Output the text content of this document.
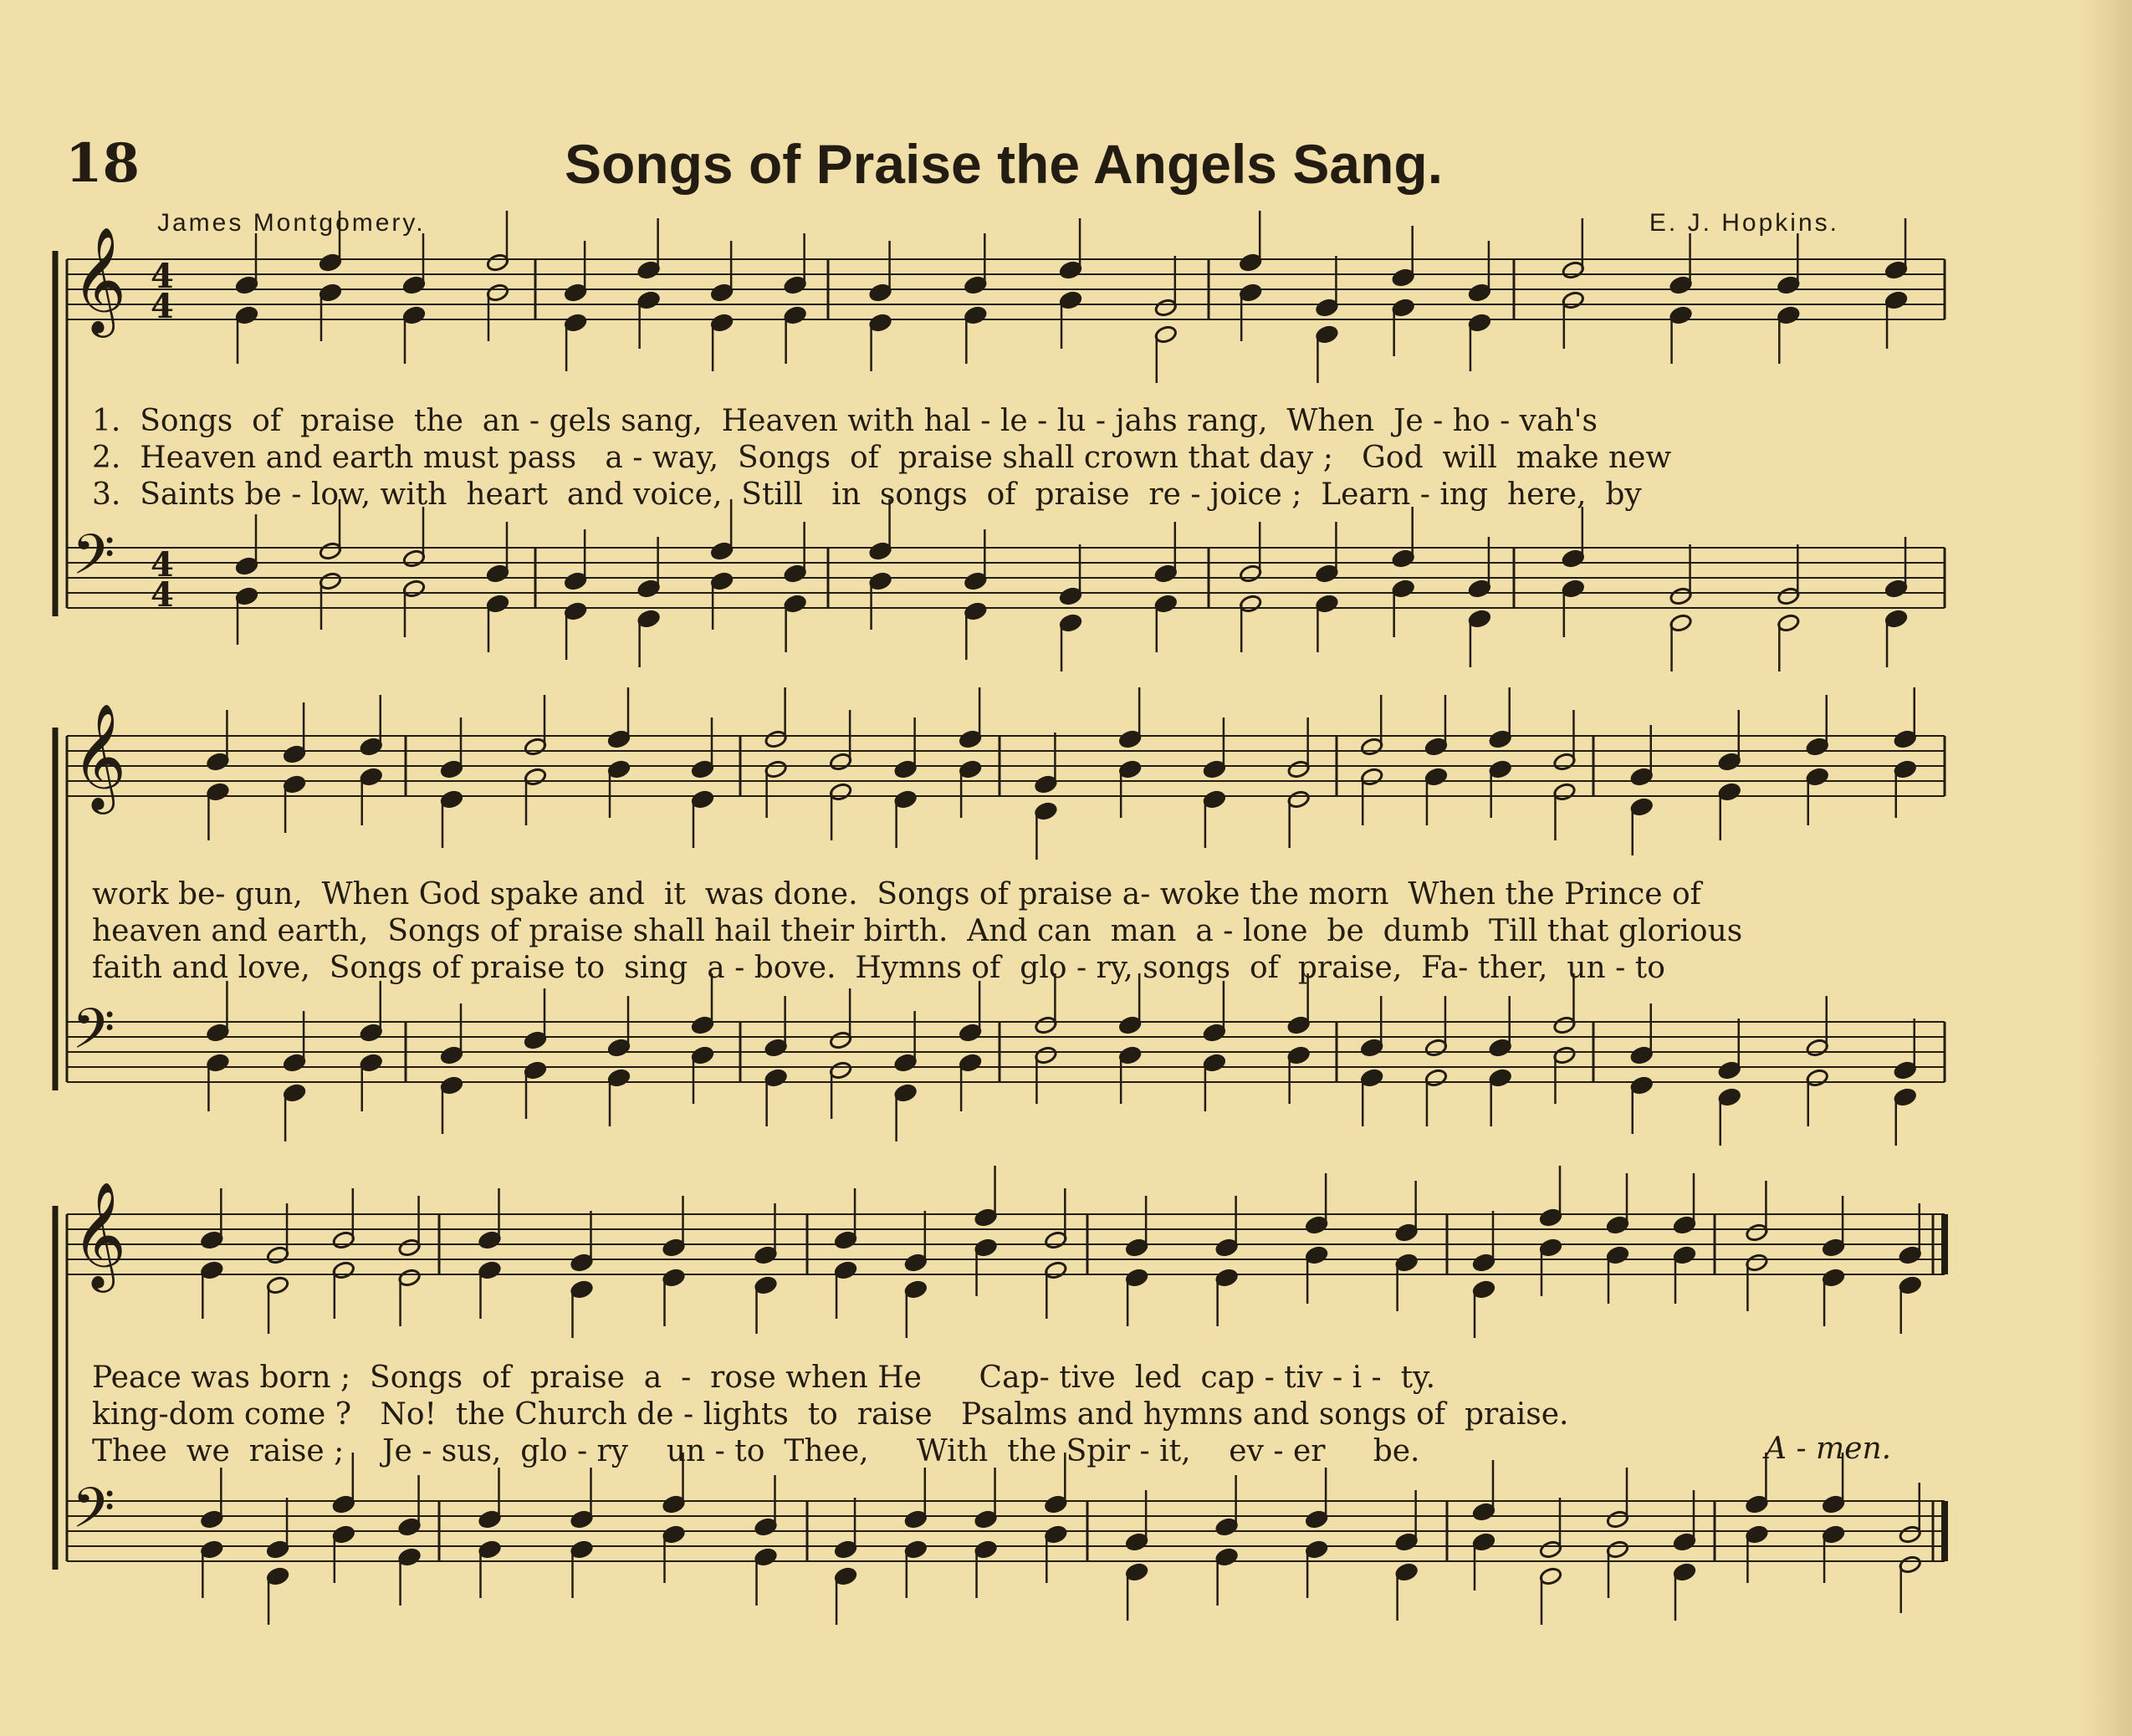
18	Songs of Praise the Angels Sang.
James Montgomery.	E. J. Hopkins.
𝄞 4
4
𝄢 4
4
𝄞
𝄢
𝄞
𝄢
1.  Songs  of  praise  the  an - gels sang,  Heaven with hal - le - lu - jahs rang,  When  Je - ho - vah's
2.  Heaven and earth must pass   a - way,  Songs  of  praise shall crown that day ;   God  will  make new
3.  Saints be - low, with  heart  and voice,  Still   in  songs  of  praise  re - joice ;  Learn - ing  here,  by
work be- gun,  When God spake and  it  was done.  Songs of praise a- woke the morn  When the Prince of
heaven and earth,  Songs of praise shall hail their birth.  And can  man  a - lone  be  dumb  Till that glorious
faith and love,  Songs of praise to  sing  a - bove.  Hymns of  glo - ry, songs  of  praise,  Fa- ther,  un - to
Peace was born ;  Songs  of  praise  a  -  rose when He      Cap- tive  led  cap - tiv - i -  ty.
king-dom come ?   No!  the Church de - lights  to  raise   Psalms and hymns and songs of  praise.
Thee  we  raise ;    Je - sus,  glo - ry    un - to  Thee,     With  the Spir - it,    ev - er     be.	A - men.
